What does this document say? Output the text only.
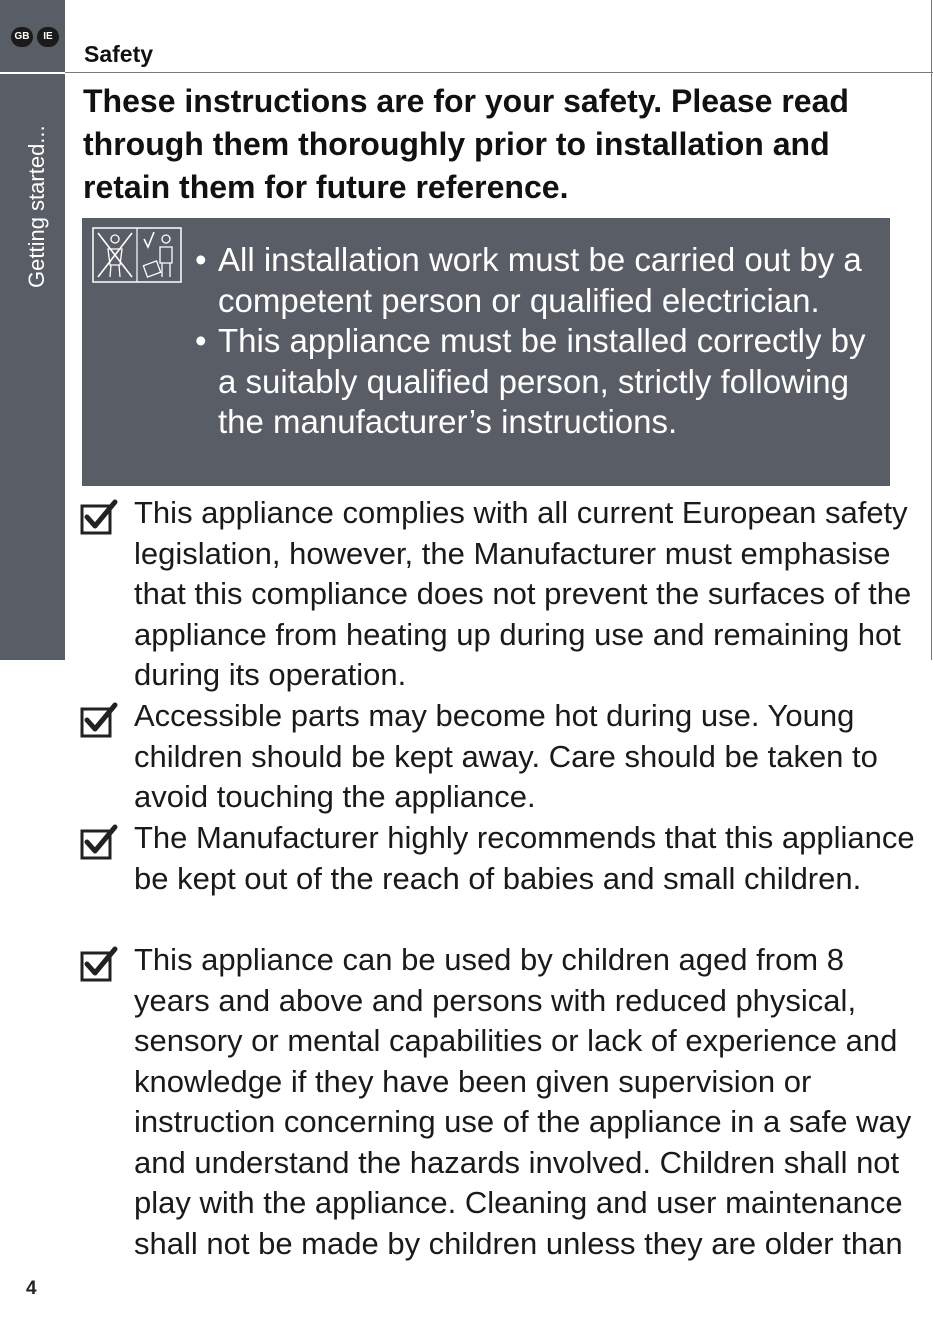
GB	IE
Getting started...
Safety
These instructions are for your safety. Please read through them thoroughly prior to installation and retain them for future reference.
• All installation work must be carried out by a competent person or qualified electrician.
• This appliance must be installed correctly by a suitably qualified person, strictly following the manufacturer’s instructions.
This appliance complies with all current European safety legislation, however, the Manufacturer must emphasise that this compliance does not prevent the surfaces of the appliance from heating up during use and remaining hot during its operation.
Accessible parts may become hot during use. Young children should be kept away. Care should be taken to avoid touching the appliance.
The Manufacturer highly recommends that this appliance be kept out of the reach of babies and small children.
This appliance can be used by children aged from 8 years and above and persons with reduced physical, sensory or mental capabilities or lack of experience and knowledge if they have been given supervision or instruction concerning use of the appliance in a safe way and understand the hazards involved. Children shall not play with the appliance. Cleaning and user maintenance shall not be made by children unless they are older than
4
